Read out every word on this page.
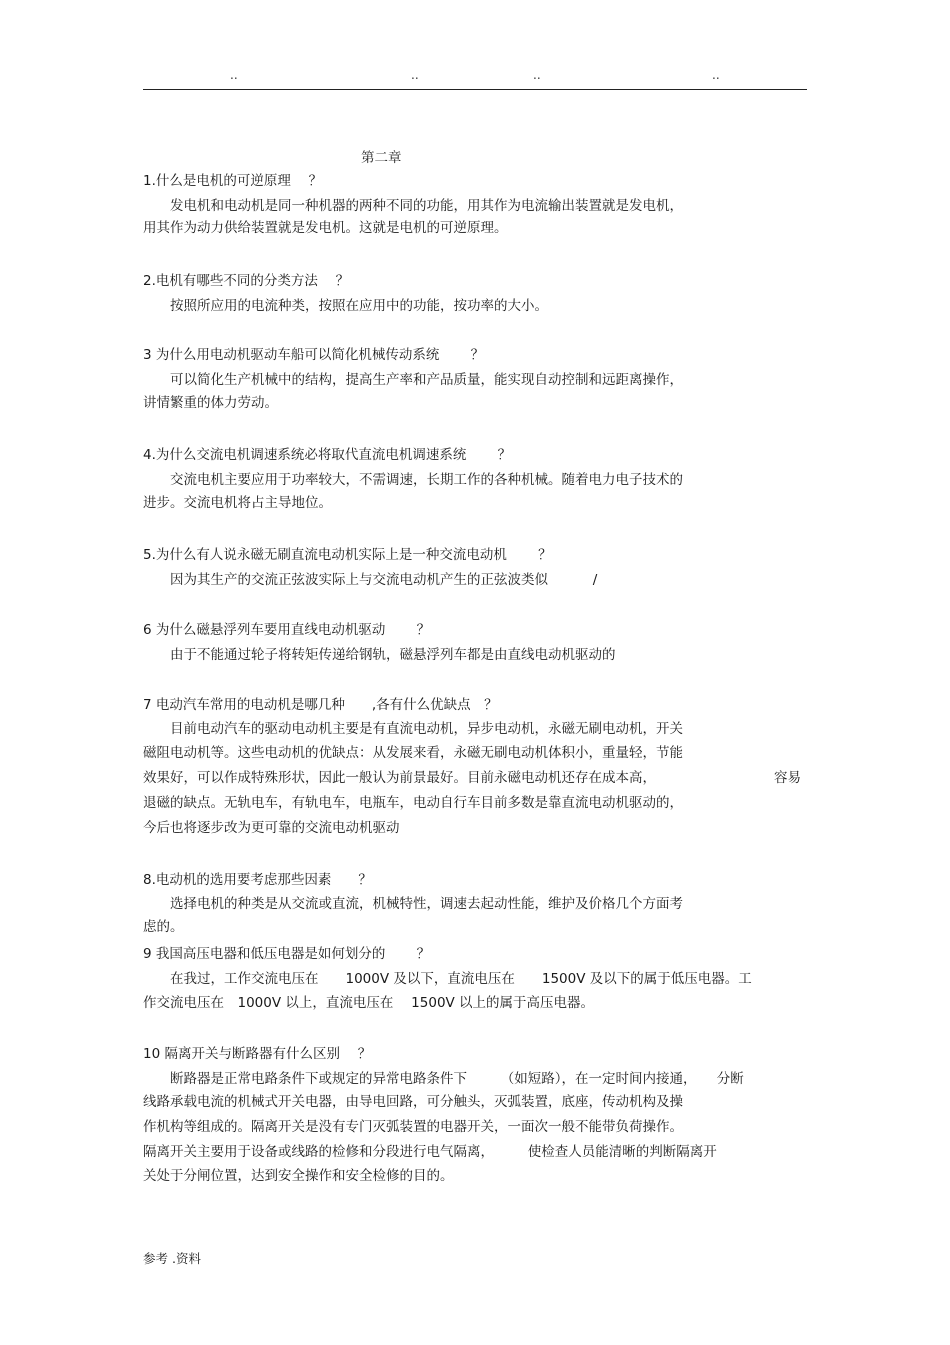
..	..	..	..
第二章
1.什么是电机的可逆原理　 ？
　　发电机和电动机是同一种机器的两种不同的功能，用其作为电流输出装置就是发电机，
用其作为动力供给装置就是发电机。这就是电机的可逆原理。
2.电机有哪些不同的分类方法　 ？
　　按照所应用的电流种类，按照在应用中的功能，按功率的大小。
3 为什么用电动机驱动车船可以简化机械传动系统　　 ？
　　可以简化生产机械中的结构，提高生产率和产品质量，能实现自动控制和远距离操作，
讲情繁重的体力劳动。
4.为什么交流电机调速系统必将取代直流电机调速系统　　 ？
　　交流电机主要应用于功率较大，不需调速，长期工作的各种机械。随着电力电子技术的
进步。交流电机将占主导地位。
5.为什么有人说永磁无刷直流电动机实际上是一种交流电动机　　 ？
　　因为其生产的交流正弦波实际上与交流电动机产生的正弦波类似　　　 /
6 为什么磁悬浮列车要用直线电动机驱动　　 ？
　　由于不能通过轮子将转矩传递给钢轨，磁悬浮列车都是由直线电动机驱动的
7 电动汽车常用的电动机是哪几种　　,各有什么优缺点　？
　　目前电动汽车的驱动电动机主要是有直流电动机，异步电动机，永磁无刷电动机，开关
磁阻电动机等。这些电动机的优缺点：从发展来看，永磁无刷电动机体积小，重量轻，节能
效果好，可以作成特殊形状，因此一般认为前景最好。目前永磁电动机还存在成本高，	容易
退磁的缺点。无轨电车，有轨电车，电瓶车，电动自行车目前多数是靠直流电动机驱动的，
今后也将逐步改为更可靠的交流电动机驱动
8.电动机的选用要考虑那些因素　　？
　　选择电机的种类是从交流或直流，机械特性，调速去起动性能，维护及价格几个方面考
虑的。
9 我国高压电器和低压电器是如何划分的　　 ？
　　在我过，工作交流电压在　　1000V 及以下，直流电压在　　1500V 及以下的属于低压电器。工
作交流电压在　1000V 以上，直流电压在　 1500V 以上的属于高压电器。
10 隔离开关与断路器有什么区别　 ？
　　断路器是正常电路条件下或规定的异常电路条件下　　　（如短路），在一定时间内接通，　　分断
线路承载电流的机械式开关电器，由导电回路，可分触头，灭弧装置，底座，传动机构及操
作机构等组成的。隔离开关是没有专门灭弧装置的电器开关，一面次一般不能带负荷操作。
隔离开关主要用于设备或线路的检修和分段进行电气隔离，　　　使检查人员能清晰的判断隔离开
关处于分闸位置，达到安全操作和安全检修的目的。
参考 .资料
